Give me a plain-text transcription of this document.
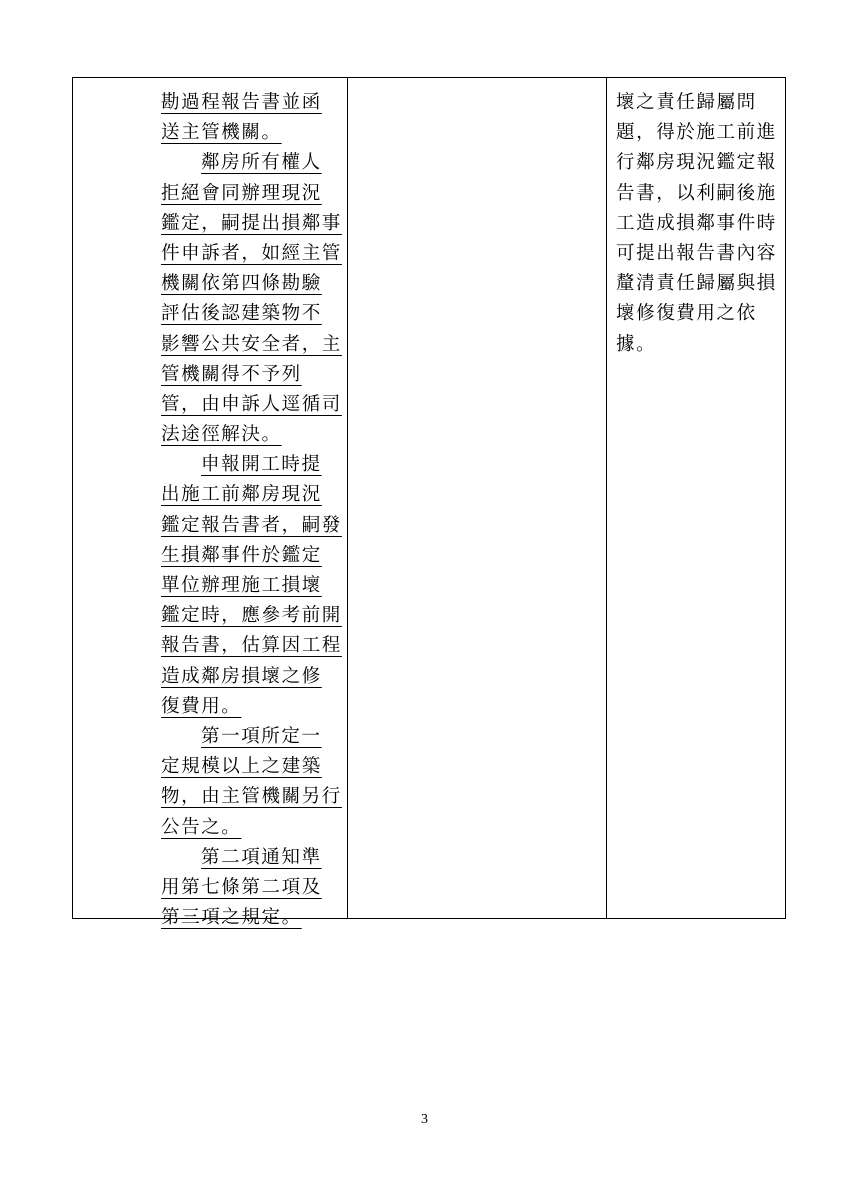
勘過程報告書並函
送主管機關。
鄰房所有權人
拒絕會同辦理現況
鑑定，嗣提出損鄰事
件申訴者，如經主管
機關依第四條勘驗
評估後認建築物不
影響公共安全者，主
管機關得不予列
管，由申訴人逕循司
法途徑解決。
申報開工時提
出施工前鄰房現況
鑑定報告書者，嗣發
生損鄰事件於鑑定
單位辦理施工損壞
鑑定時，應參考前開
報告書，估算因工程
造成鄰房損壞之修
復費用。
第一項所定一
定規模以上之建築
物，由主管機關另行
公告之。
第二項通知準
用第七條第二項及
第三項之規定。
壞之責任歸屬問
題，得於施工前進
行鄰房現況鑑定報
告書，以利嗣後施
工造成損鄰事件時
可提出報告書內容
釐清責任歸屬與損
壞修復費用之依
據。
3
